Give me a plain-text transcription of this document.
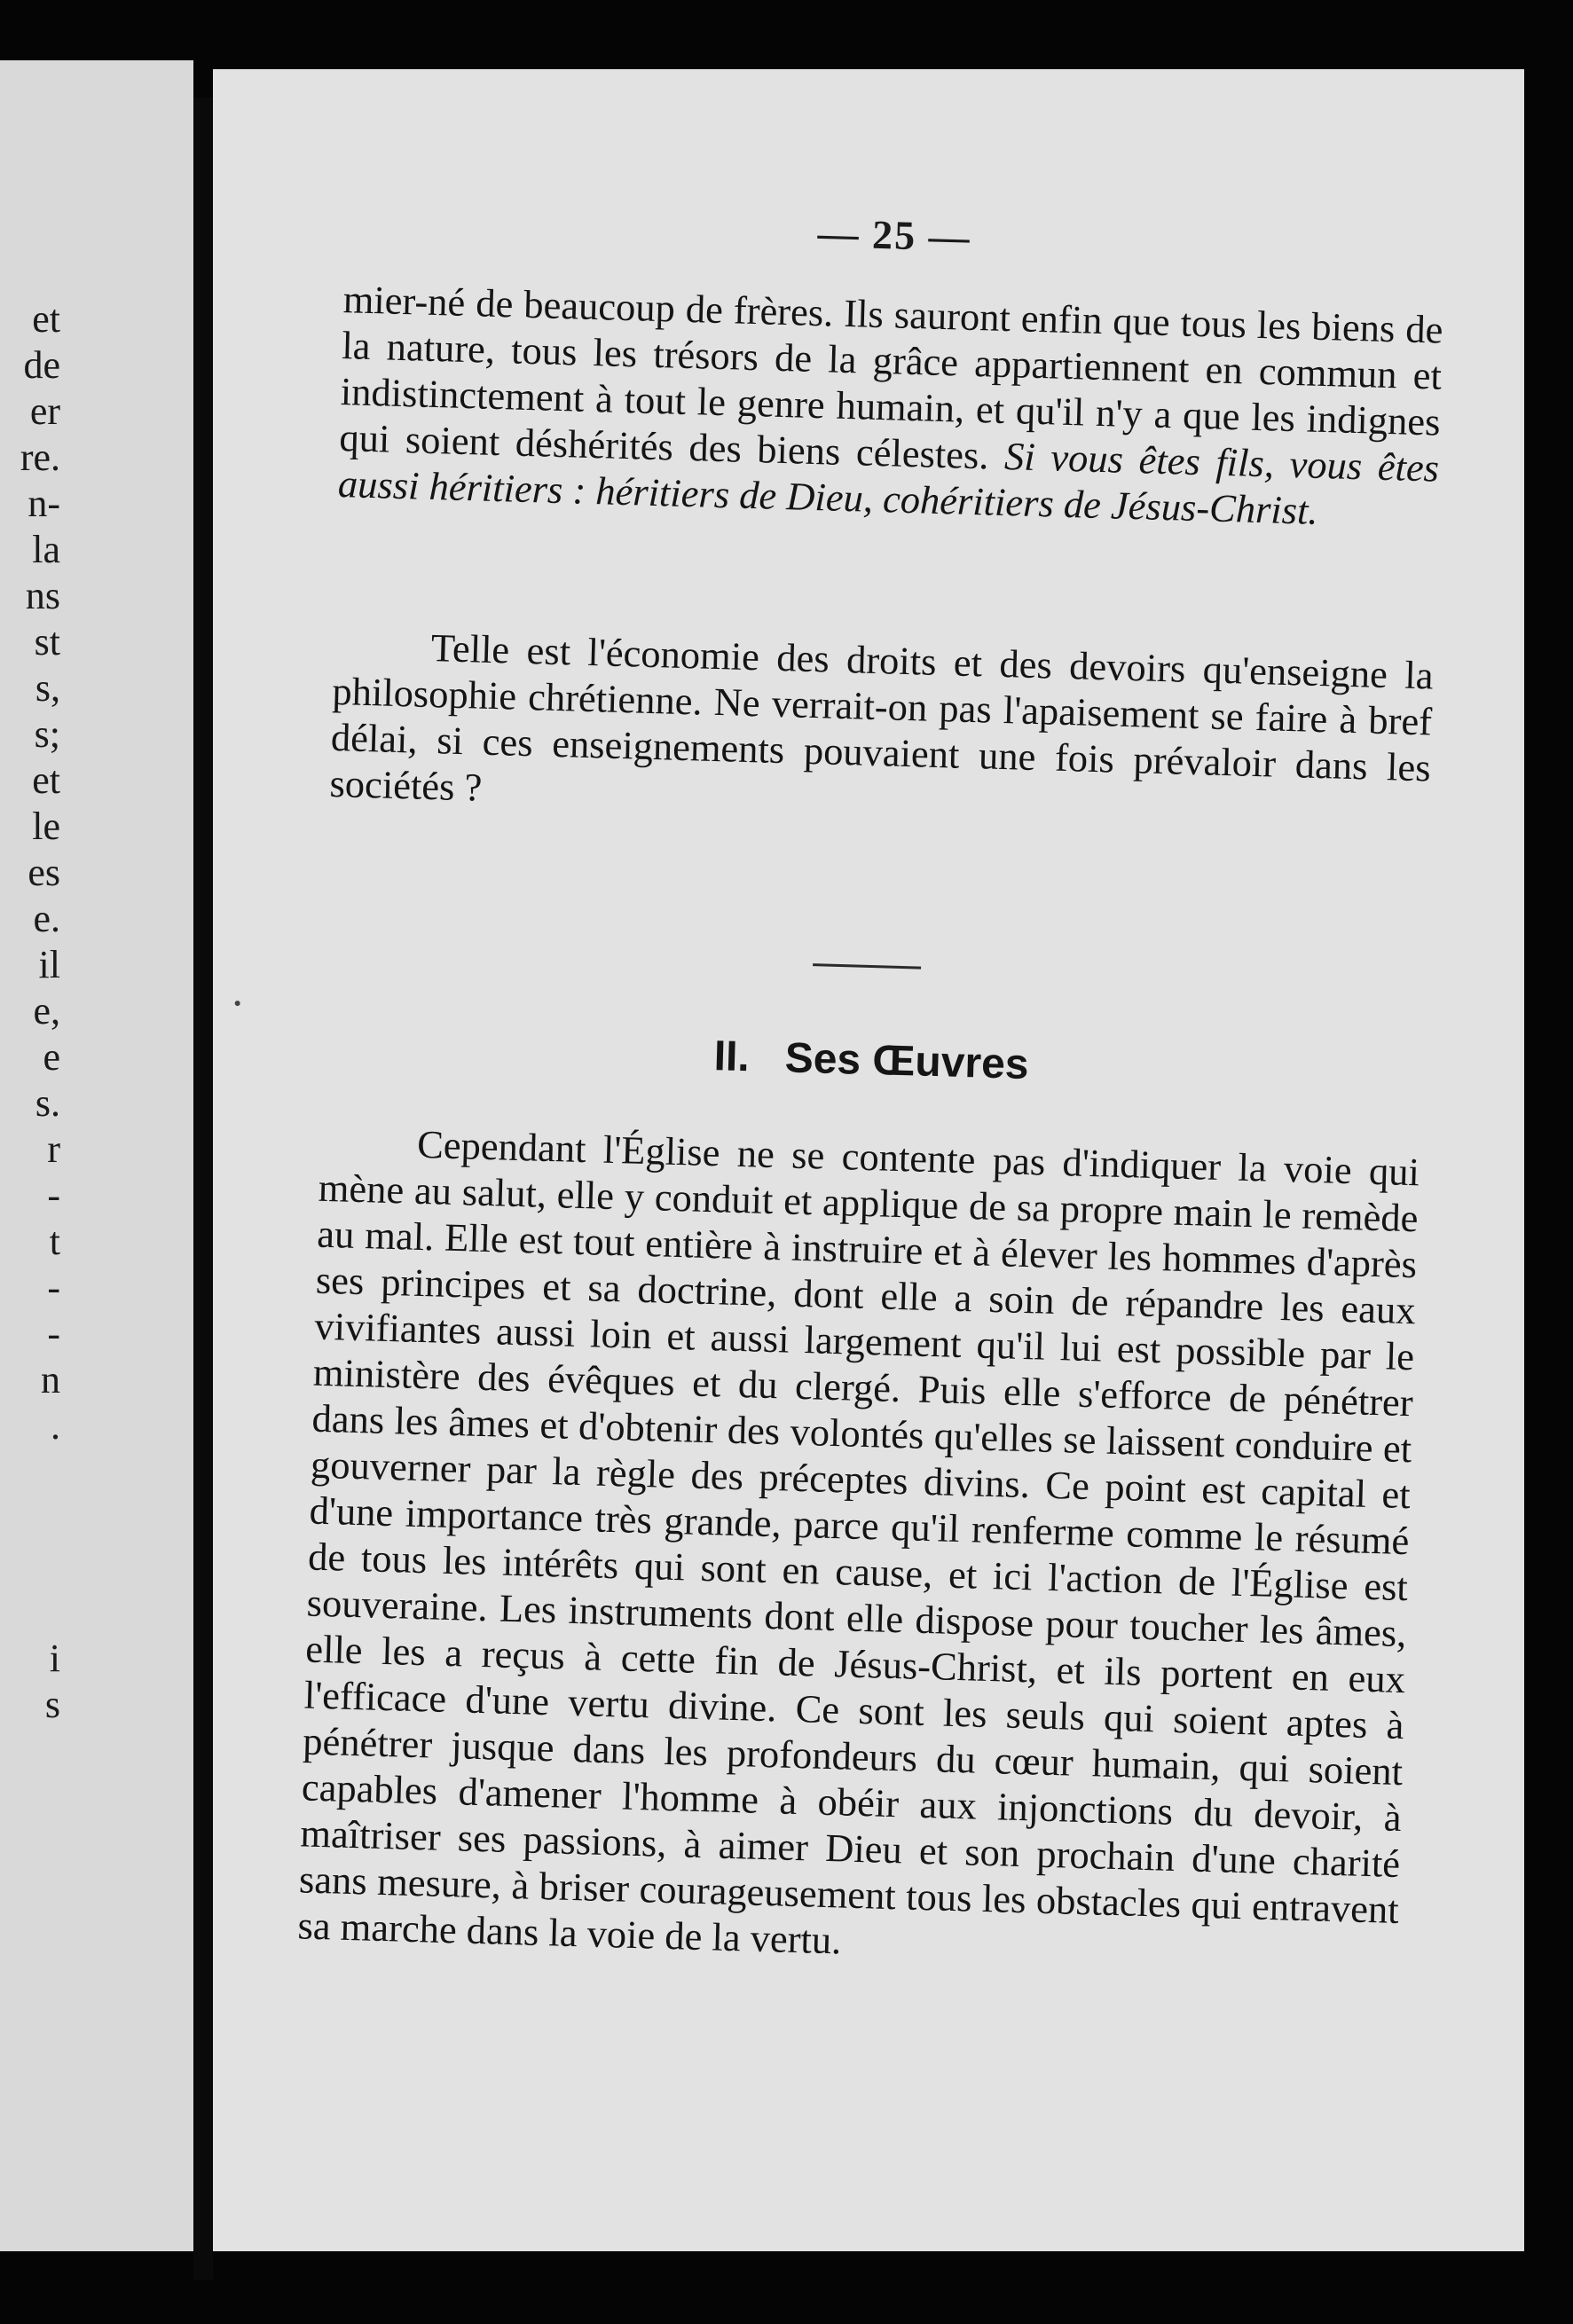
et
de
er
re.
n-
la
ns
st
s,
s;
et
le
es
e.
il
e,
e
s.
r
-
t
-
-
n
.
i
s
— 25 —

mier-né de beaucoup de frères. Ils sauront enfin que tous les biens de la nature, tous les trésors de la grâce appartiennent en commun et indistinctement à tout le genre humain, et qu'il n'y a que les indignes qui soient déshérités des biens célestes. Si vous êtes fils, vous êtes aussi héritiers : héritiers de Dieu, cohéritiers de Jésus-Christ.

Telle est l'économie des droits et des devoirs qu'enseigne la philosophie chrétienne. Ne verrait-on pas l'apaisement se faire à bref délai, si ces enseignements pouvaient une fois prévaloir dans les sociétés ?

II. Ses Œuvres

Cependant l'Église ne se contente pas d'indiquer la voie qui mène au salut, elle y conduit et applique de sa propre main le remède au mal. Elle est tout entière à instruire et à élever les hommes d'après ses principes et sa doctrine, dont elle a soin de répandre les eaux vivifiantes aussi loin et aussi largement qu'il lui est possible par le ministère des évêques et du clergé. Puis elle s'efforce de pénétrer dans les âmes et d'obtenir des volontés qu'elles se laissent conduire et gouverner par la règle des préceptes divins. Ce point est capital et d'une importance très grande, parce qu'il renferme comme le résumé de tous les intérêts qui sont en cause, et ici l'action de l'Église est souveraine. Les instruments dont elle dispose pour toucher les âmes, elle les a reçus à cette fin de Jésus-Christ, et ils portent en eux l'efficace d'une vertu divine. Ce sont les seuls qui soient aptes à pénétrer jusque dans les profondeurs du cœur humain, qui soient capables d'amener l'homme à obéir aux injonctions du devoir, à maîtriser ses passions, à aimer Dieu et son prochain d'une charité sans mesure, à briser courageusement tous les obstacles qui entravent sa marche dans la voie de la vertu.
